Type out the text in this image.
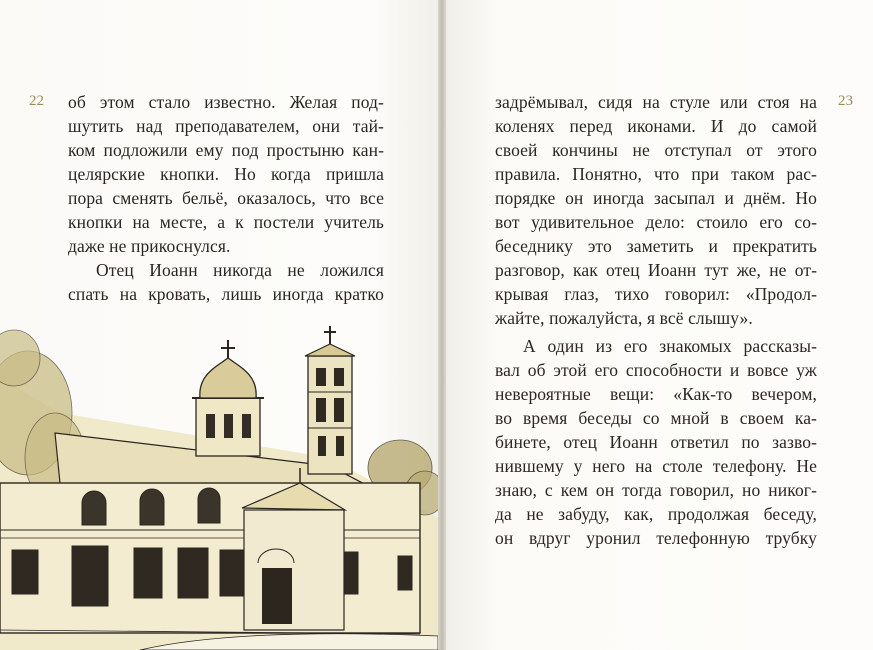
22 об этом стало известно. Желая под-
шутить над преподавателем, они тай-
ком подложили ему под простыню кан-
целярские кнопки. Но когда пришла
пора сменять бельё, оказалось, что все
кнопки на месте, а к постели учитель
даже не прикоснулся.
Отец Иоанн никогда не ложился
спать на кровать, лишь иногда кратко
23
задрёмывал, сидя на стуле или стоя на
коленях перед иконами. И до самой
своей кончины не отступал от этого
правила. Понятно, что при таком рас-
порядке он иногда засыпал и днём. Но
вот удивительное дело: стоило его со-
беседнику это заметить и прекратить
разговор, как отец Иоанн тут же, не от-
крывая глаз, тихо говорил: «Продол-
жайте, пожалуйста, я всё слышу».
А один из его знакомых рассказы-
вал об этой его способности и вовсе уж
невероятные вещи: «Как-то вечером,
во время беседы со мной в своем ка-
бинете, отец Иоанн ответил по зазво-
нившему у него на столе телефону. Не
знаю, с кем он тогда говорил, но никог-
да не забуду, как, продолжая беседу,
он вдруг уронил телефонную трубку
